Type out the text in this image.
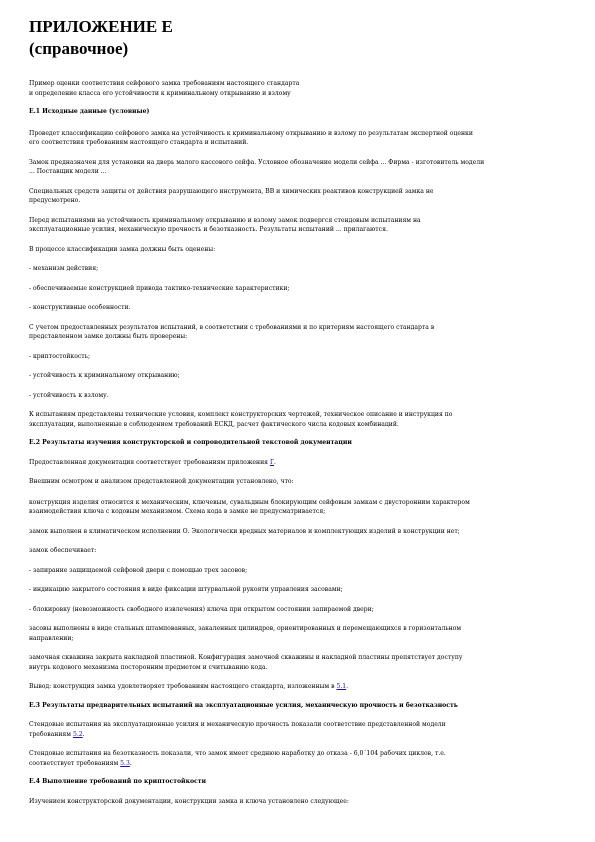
ПРИЛОЖЕНИЕ Е
(справочное)
Пример оценки соответствия сейфового замка требованиям настоящего стандарта
и определение класса его устойчивости к криминальному открыванию и взлому
Е.1 Исходные данные (условные)
Проведет классификацию сейфового замка на устойчивость к криминальному открыванию и взлому по результатам экспертной оценки
его соответствия требованиям настоящего стандарта и испытаний.
Замок предназначен для установки на дверь малого кассового сейфа. Условное обозначение модели сейфа ... Фирма - изготовитель модели
... Поставщик модели ...
Специальных средств защиты от действия разрушающего инструмента, ВВ и химических реактивов конструкцией замка не
предусмотрено.
Перед испытаниями на устойчивость криминальному открыванию и взлому замок подвергся стендовым испытаниям на
эксплуатационные усилия, механическую прочность и безотказность. Результаты испытаний ... прилагаются.
В процессе классификации замка должны быть оценены:
- механизм действия;
- обеспечиваемые конструкцией привода тактико-технические характеристики;
- конструктивные особенности.
С учетом предоставленных результатов испытаний, в соответствии с требованиями и по критериям настоящего стандарта в
представленном замке должны быть проверены:
- криптостойкость;
- устойчивость к криминальному открыванию;
- устойчивость к взлому.
К испытаниям представлены технические условия, комплект конструкторских чертежей, техническое описание и инструкция по
эксплуатации, выполненные в соблюдением требований ЕСКД, расчет фактического числа кодовых комбинаций.
Е.2 Результаты изучения конструкторской и сопроводительной текстовой документации
Предоставленная документация соответствует требованиям приложения Г.
Внешним осмотром и анализом представленной документации установлено, что:
конструкция изделия относится к механическим, ключевым, сувальдным блокирующим сейфовым замкам с двусторонним характером
взаимодействия ключа с кодовым механизмом. Схема кода в замке не предусматривается;
замок выполнен в климатическом исполнении О. Экологически вредных материалов и комплектующих изделий в конструкции нет;
замок обеспечивает:
- запирание защищаемой сейфовой двери с помощью трех засовов;
- индикацию закрытого состояния в виде фиксации штурвальной рукояти управления засовами;
- блокировку (невозможность свободного извлечения) ключа при открытом состоянии запираемой двери;
засовы выполнены в виде стальных штампованных, закаленных цилиндров, ориентированных и перемещающихся в горизонтальном
направлении;
замочная скважина закрыта накладной пластиной. Конфигурация замочной скважины и накладной пластины препятствует доступу
внутрь кодового механизма посторонним предметом и считыванию кода.
Вывод: конструкция замка удовлетворяет требованиям настоящего стандарта, изложенным в 5.1.
Е.3 Результаты предварительных испытаний на эксплуатационные усилия, механическую прочность и безотказность
Стендовые испытания на эксплуатационные усилия и механическую прочность показали соответствие представленной модели
требованиям 5.2.
Стендовые испытания на безотказность показали, что замок имеет среднюю наработку до отказа - 6,0´104 рабочих циклов, т.е.
соответствует требованиям 5.3.
Е.4 Выполнение требований по криптостойкости
Изучением конструкторской документации, конструкции замка и ключа установлено следующее:
